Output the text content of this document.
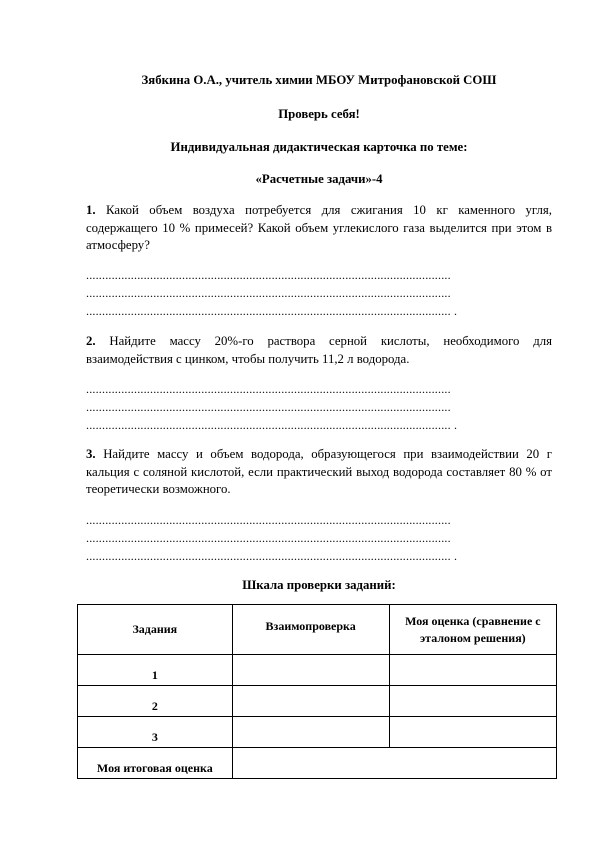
Зябкина О.А., учитель химии МБОУ Митрофановской СОШ
Проверь себя!
Индивидуальная дидактическая карточка по теме:
«Расчетные задачи»-4
1. Какой объем воздуха потребуется для сжигания 10 кг каменного угля, содержащего 10 % примесей? Какой объем углекислого газа выделится при этом в атмосферу?
..................................................................................................................
..................................................................................................................
.................................................................................................................. .
2. Найдите массу 20%-го раствора серной кислоты, необходимого для взаимодействия с цинком, чтобы получить 11,2 л водорода.
..................................................................................................................
..................................................................................................................
.................................................................................................................. .
3. Найдите массу и объем водорода, образующегося при взаимодействии 20 г кальция с соляной кислотой, если практический выход водорода составляет 80 % от теоретически возможного.
..................................................................................................................
..................................................................................................................
.................................................................................................................. .
Шкала проверки заданий:
Задания	Взаимопроверка	Моя оценка (сравнение с эталоном решения)
1		
2		
3		
Моя итоговая оценка		
